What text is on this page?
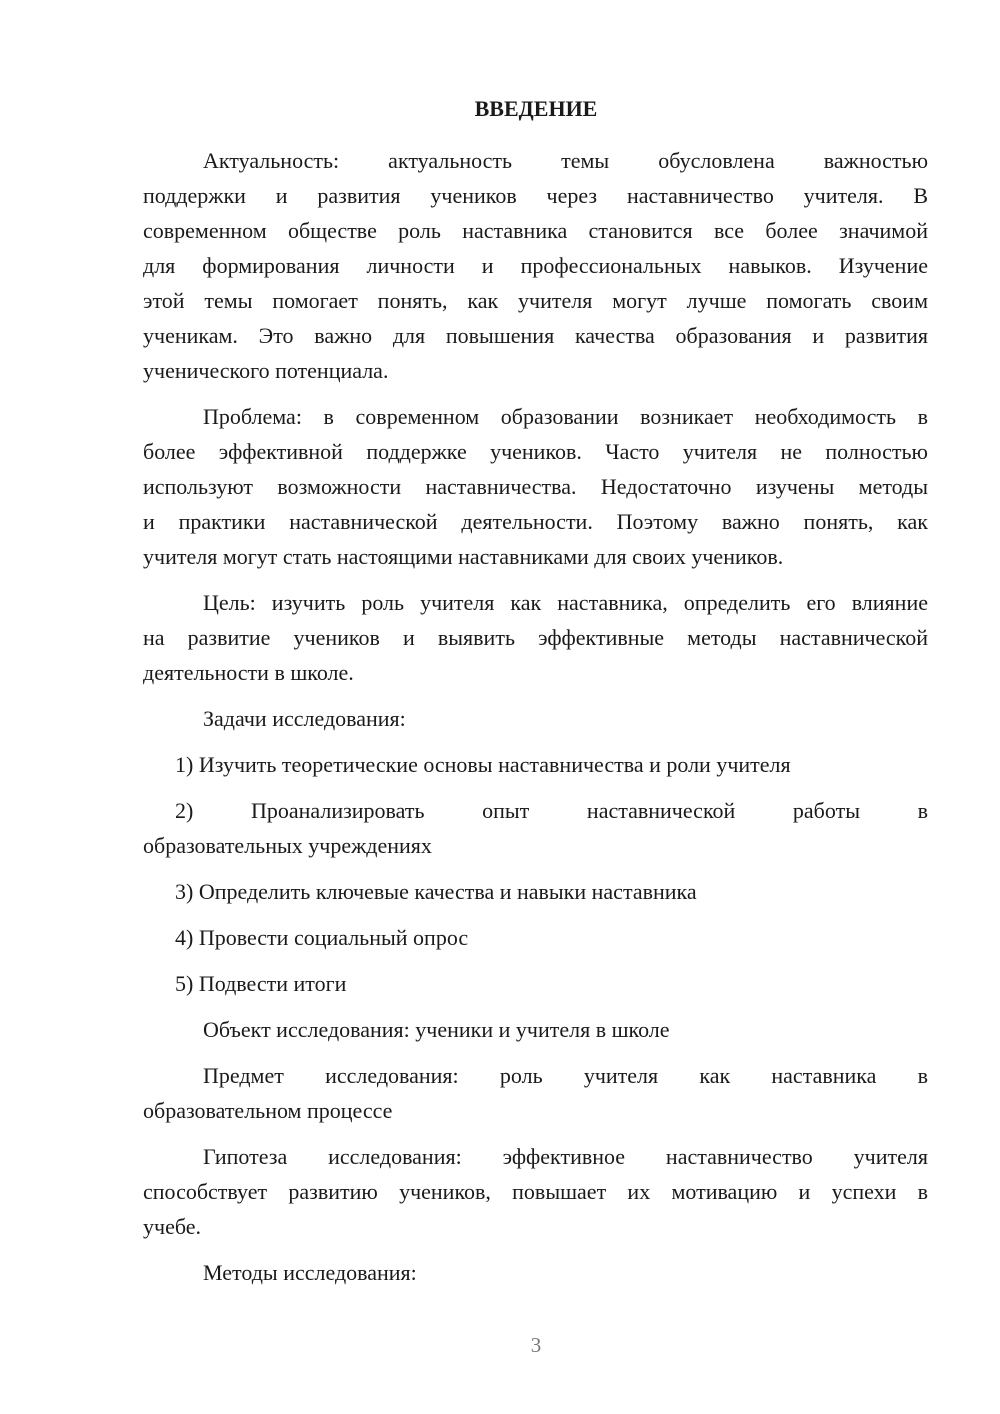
ВВЕДЕНИЕ
Актуальность: актуальность темы обусловлена важностью
поддержки и развития учеников через наставничество учителя. В
современном обществе роль наставника становится все более значимой
для формирования личности и профессиональных навыков. Изучение
этой темы помогает понять, как учителя могут лучше помогать своим
ученикам. Это важно для повышения качества образования и развития
ученического потенциала.
Проблема: в современном образовании возникает необходимость в
более эффективной поддержке учеников. Часто учителя не полностью
используют возможности наставничества. Недостаточно изучены методы
и практики наставнической деятельности. Поэтому важно понять, как
учителя могут стать настоящими наставниками для своих учеников.
Цель: изучить роль учителя как наставника, определить его влияние
на развитие учеников и выявить эффективные методы наставнической
деятельности в школе.
Задачи исследования:
1) Изучить теоретические основы наставничества и роли учителя
2) Проанализировать опыт наставнической работы в
образовательных учреждениях
3) Определить ключевые качества и навыки наставника
4) Провести социальный опрос
5) Подвести итоги
Объект исследования: ученики и учителя в школе
Предмет исследования: роль учителя как наставника в
образовательном процессе
Гипотеза исследования: эффективное наставничество учителя
способствует развитию учеников, повышает их мотивацию и успехи в
учебе.
Методы исследования:
3
